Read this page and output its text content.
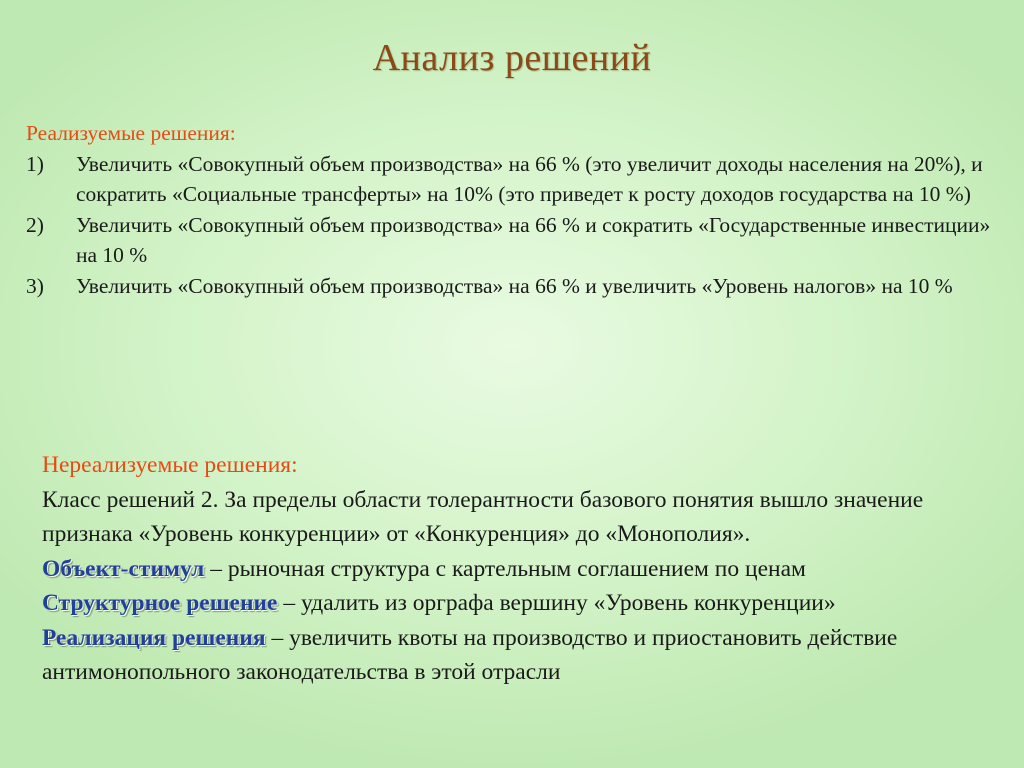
Анализ решений
Реализуемые решения:
1) Увеличить «Совокупный объем производства» на 66 % (это увеличит доходы населения на 20%), и сократить «Социальные трансферты» на 10% (это приведет к росту доходов государства на 10 %)
2) Увеличить «Совокупный объем производства» на 66 % и сократить «Государственные инвестиции» на 10 %
3) Увеличить «Совокупный объем производства» на 66 % и увеличить «Уровень налогов» на 10 %
Нереализуемые решения:

Класс решений 2. За пределы области толерантности базового понятия вышло значение признака «Уровень конкуренции» от «Конкуренция» до «Монополия».

Объект-стимул – рыночная структура с картельным соглашением по ценам

Структурное решение – удалить из орграфа вершину «Уровень конкуренции»

Реализация решения – увеличить квоты на производство и приостановить действие антимонопольного законодательства в этой отрасли
